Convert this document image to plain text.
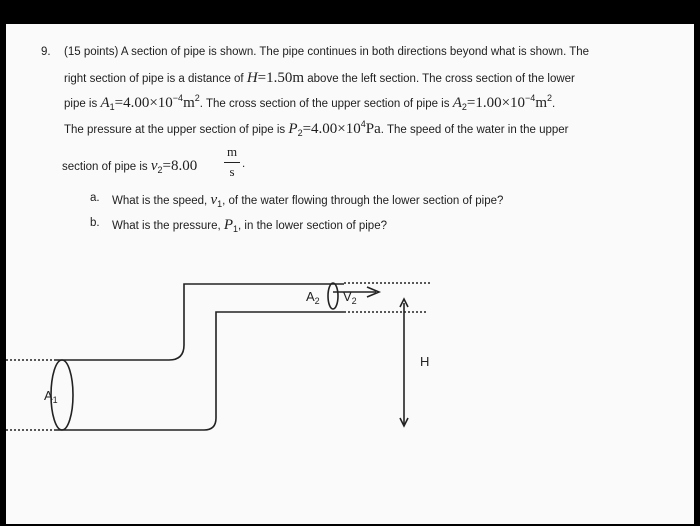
9. (15 points) A section of pipe is shown. The pipe continues in both directions beyond what is shown. The
right section of pipe is a distance of H=1.50m above the left section. The cross section of the lower
pipe is $A_1=4.00\times 10^{-4}m^2$. The cross section of the upper section of pipe is $A_2=1.00\times 10^{-4}m^2$.
The pressure at the upper section of pipe is $P_2=4.00\times 10^4Pa$. The speed of the water in the upper
section of pipe is $v_2=8.00$
m
s .
a. What is the speed, $v_1$, of the water flowing through the lower section of pipe?
b. What is the pressure, $P_1$, in the lower section of pipe?
$A_1$
$A_2$ $V_2$
H
